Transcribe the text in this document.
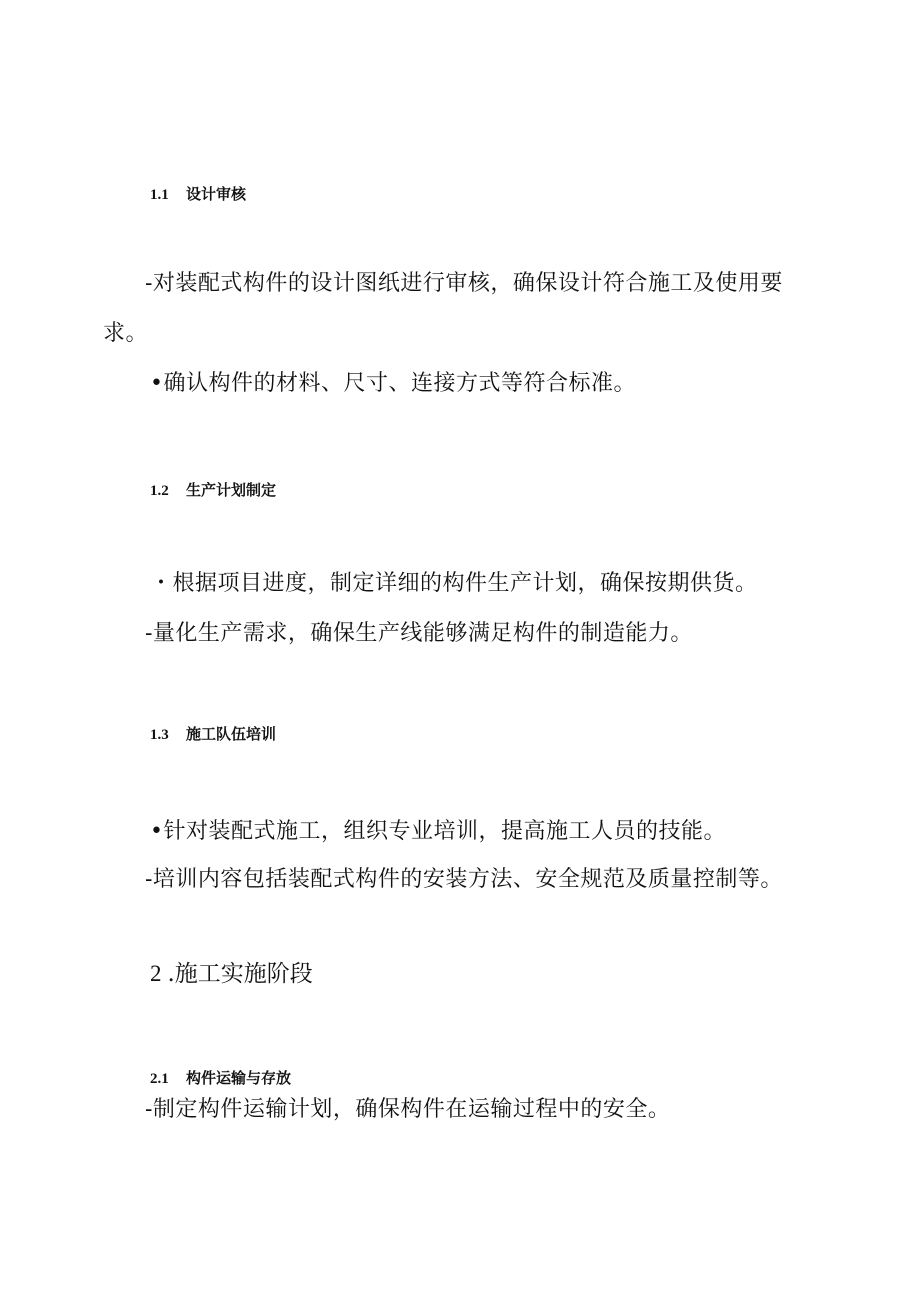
1.1 设计审核
-对装配式构件的设计图纸进行审核，确保设计符合施工及使用要
求。
•确认构件的材料、尺寸、连接方式等符合标准。
1.2 生产计划制定
・根据项目进度，制定详细的构件生产计划，确保按期供货。
-量化生产需求，确保生产线能够满足构件的制造能力。
1.3 施工队伍培训
•针对装配式施工，组织专业培训，提高施工人员的技能。
-培训内容包括装配式构件的安装方法、安全规范及质量控制等。
2 .施工实施阶段
2.1 构件运输与存放
-制定构件运输计划，确保构件在运输过程中的安全。
